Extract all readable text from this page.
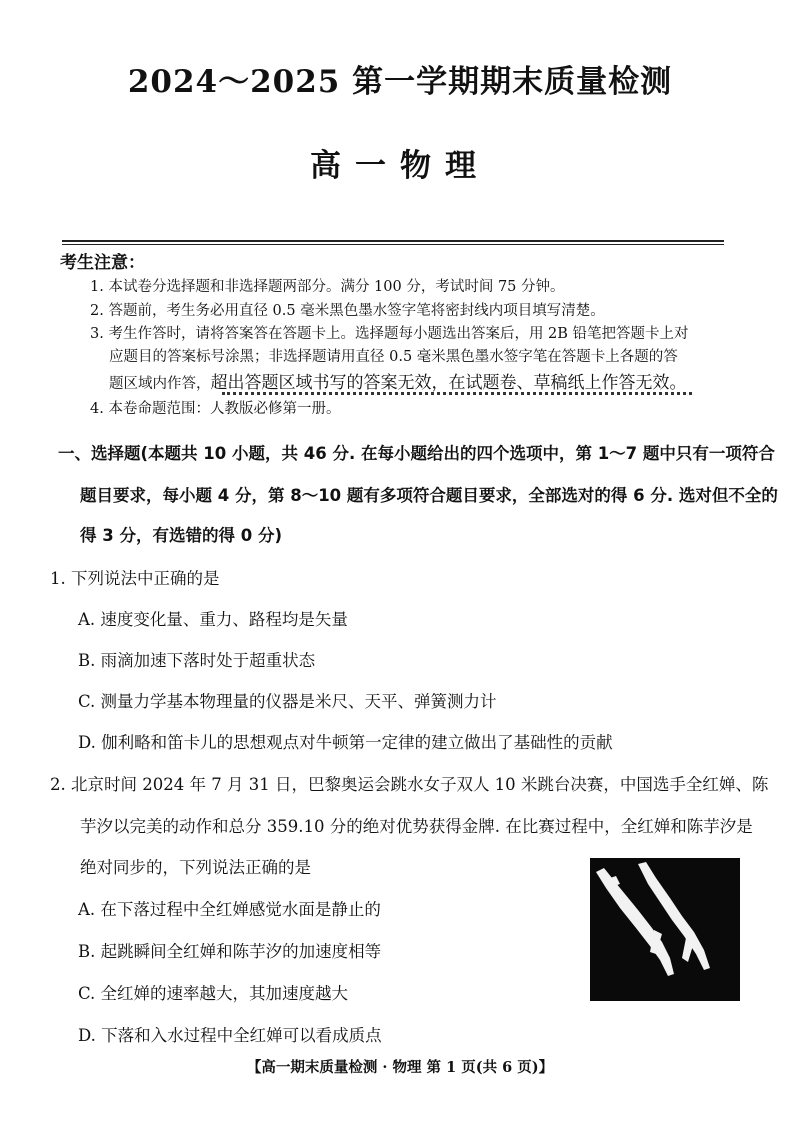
2024～2025 第一学期期末质量检测
高一物理
考生注意：
1. 本试卷分选择题和非选择题两部分。满分 100 分，考试时间 75 分钟。
2. 答题前，考生务必用直径 0.5 毫米黑色墨水签字笔将密封线内项目填写清楚。
3. 考生作答时，请将答案答在答题卡上。选择题每小题选出答案后，用 2B 铅笔把答题卡上对
应题目的答案标号涂黑；非选择题请用直径 0.5 毫米黑色墨水签字笔在答题卡上各题的答
题区域内作答，超出答题区域书写的答案无效，在试题卷、草稿纸上作答无效。
4. 本卷命题范围：人教版必修第一册。
一、选择题(本题共 10 小题，共 46 分. 在每小题给出的四个选项中，第 1～7 题中只有一项符合
题目要求，每小题 4 分，第 8～10 题有多项符合题目要求，全部选对的得 6 分. 选对但不全的
得 3 分，有选错的得 0 分)
1. 下列说法中正确的是
A. 速度变化量、重力、路程均是矢量
B. 雨滴加速下落时处于超重状态
C. 测量力学基本物理量的仪器是米尺、天平、弹簧测力计
D. 伽利略和笛卡儿的思想观点对牛顿第一定律的建立做出了基础性的贡献
2. 北京时间 2024 年 7 月 31 日，巴黎奥运会跳水女子双人 10 米跳台决赛，中国选手全红婵、陈
芋汐以完美的动作和总分 359.10 分的绝对优势获得金牌. 在比赛过程中，全红婵和陈芋汐是
绝对同步的，下列说法正确的是
A. 在下落过程中全红婵感觉水面是静止的
B. 起跳瞬间全红婵和陈芋汐的加速度相等
C. 全红婵的速率越大，其加速度越大
D. 下落和入水过程中全红婵可以看成质点
【高一期末质量检测 · 物理 第 1 页(共 6 页)】
